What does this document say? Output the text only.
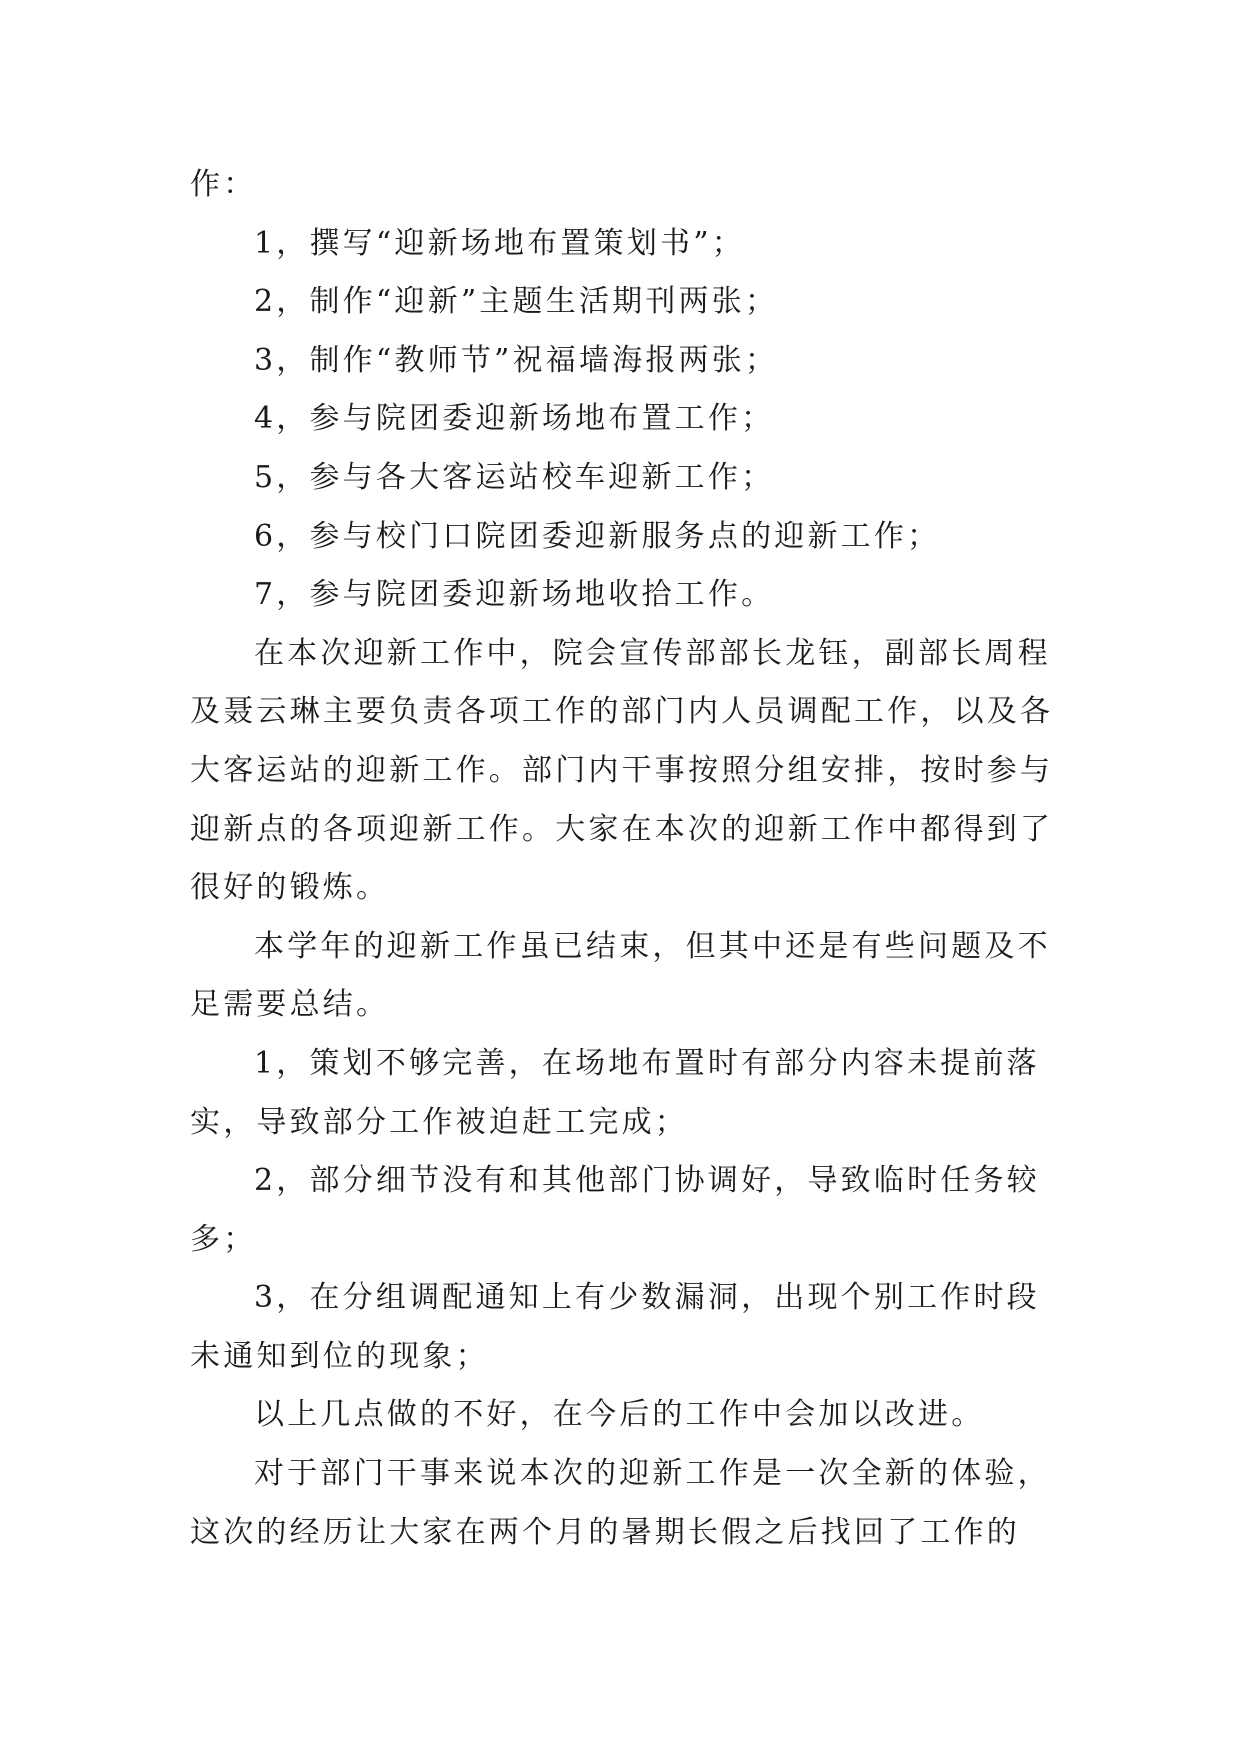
作：
1，撰写“迎新场地布置策划书”；
2，制作“迎新”主题生活期刊两张；
3，制作“教师节”祝福墙海报两张；
4，参与院团委迎新场地布置工作；
5，参与各大客运站校车迎新工作；
6，参与校门口院团委迎新服务点的迎新工作；
7，参与院团委迎新场地收拾工作。
在本次迎新工作中，院会宣传部部长龙钰，副部长周程
及聂云琳主要负责各项工作的部门内人员调配工作，以及各
大客运站的迎新工作。部门内干事按照分组安排，按时参与
迎新点的各项迎新工作。大家在本次的迎新工作中都得到了
很好的锻炼。
本学年的迎新工作虽已结束，但其中还是有些问题及不
足需要总结。
1，策划不够完善，在场地布置时有部分内容未提前落
实，导致部分工作被迫赶工完成；
2，部分细节没有和其他部门协调好，导致临时任务较
多；
3，在分组调配通知上有少数漏洞，出现个别工作时段
未通知到位的现象；
以上几点做的不好，在今后的工作中会加以改进。
对于部门干事来说本次的迎新工作是一次全新的体验，
这次的经历让大家在两个月的暑期长假之后找回了工作的
